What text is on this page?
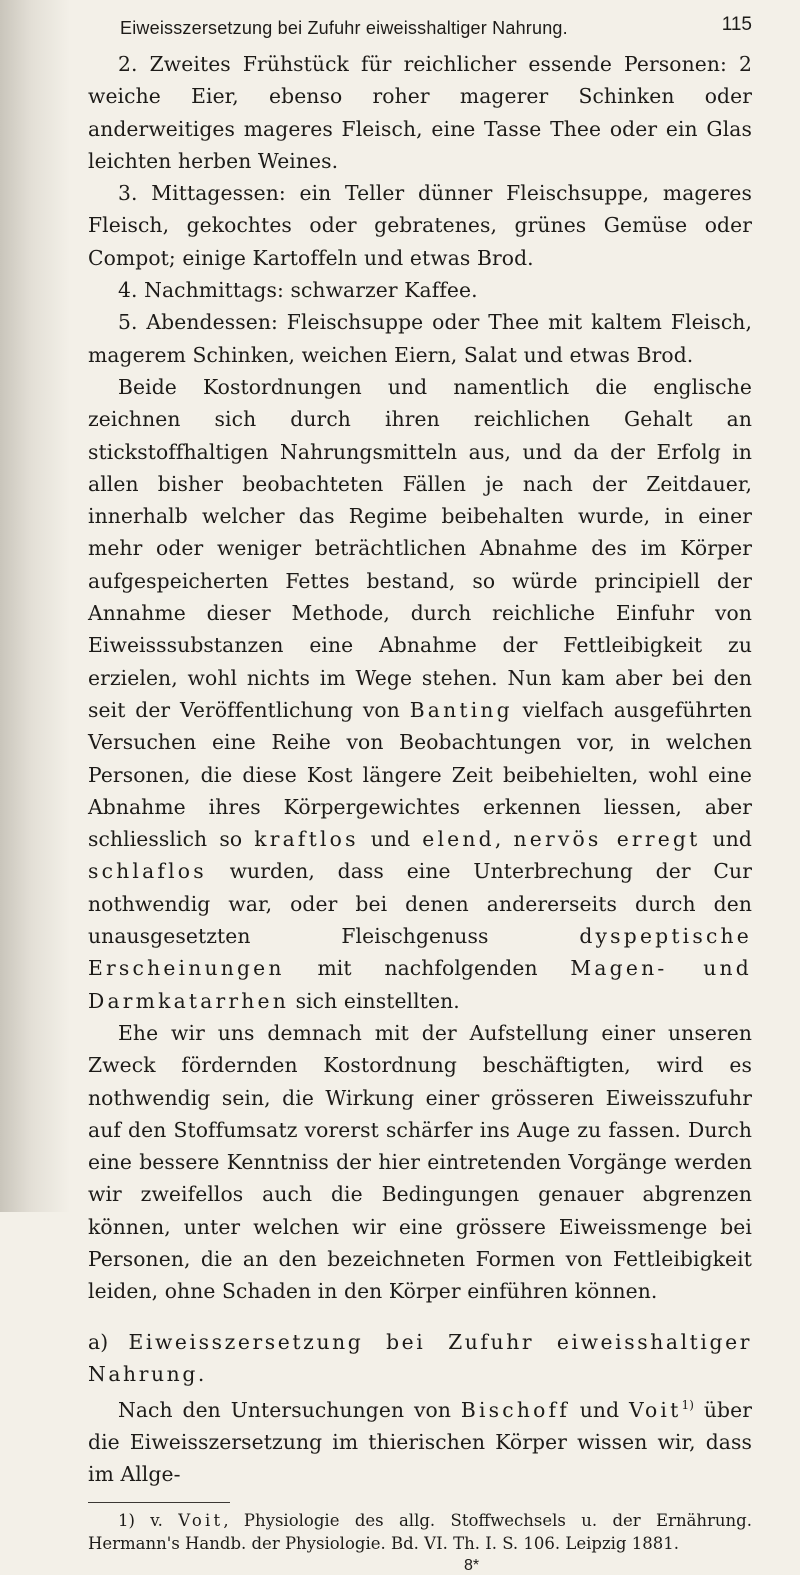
Eiweisszersetzung bei Zufuhr eiweisshaltiger Nahrung.	115

2. Zweites Frühstück für reichlicher essende Personen: 2 weiche Eier, ebenso roher magerer Schinken oder anderweitiges mageres Fleisch, eine Tasse Thee oder ein Glas leichten herben Weines.

3. Mittagessen: ein Teller dünner Fleischsuppe, mageres Fleisch, gekochtes oder gebratenes, grünes Gemüse oder Compot; einige Kartoffeln und etwas Brod.

4. Nachmittags: schwarzer Kaffee.

5. Abendessen: Fleischsuppe oder Thee mit kaltem Fleisch, magerem Schinken, weichen Eiern, Salat und etwas Brod.

Beide Kostordnungen und namentlich die englische zeichnen sich durch ihren reichlichen Gehalt an stickstoffhaltigen Nahrungsmitteln aus, und da der Erfolg in allen bisher beobachteten Fällen je nach der Zeitdauer, innerhalb welcher das Regime beibehalten wurde, in einer mehr oder weniger beträchtlichen Abnahme des im Körper aufgespeicherten Fettes bestand, so würde principiell der Annahme dieser Methode, durch reichliche Einfuhr von Eiweisssubstanzen eine Abnahme der Fettleibigkeit zu erzielen, wohl nichts im Wege stehen. Nun kam aber bei den seit der Veröffentlichung von Banting vielfach ausgeführten Versuchen eine Reihe von Beobachtungen vor, in welchen Personen, die diese Kost längere Zeit beibehielten, wohl eine Abnahme ihres Körpergewichtes erkennen liessen, aber schliesslich so kraftlos und elend, nervös erregt und schlaflos wurden, dass eine Unterbrechung der Cur nothwendig war, oder bei denen andererseits durch den unausgesetzten Fleischgenuss dyspeptische Erscheinungen mit nachfolgenden Magen- und Darmkatarrhen sich einstellten.

Ehe wir uns demnach mit der Aufstellung einer unseren Zweck fördernden Kostordnung beschäftigten, wird es nothwendig sein, die Wirkung einer grösseren Eiweisszufuhr auf den Stoffumsatz vorerst schärfer ins Auge zu fassen. Durch eine bessere Kenntniss der hier eintretenden Vorgänge werden wir zweifellos auch die Bedingungen genauer abgrenzen können, unter welchen wir eine grössere Eiweissmenge bei Personen, die an den bezeichneten Formen von Fettleibigkeit leiden, ohne Schaden in den Körper einführen können.

a) Eiweisszersetzung bei Zufuhr eiweisshaltiger Nahrung.

Nach den Untersuchungen von Bischoff und Voit$^{1)}$ über die Eiweisszersetzung im thierischen Körper wissen wir, dass im Allge-

1) v. Voit, Physiologie des allg. Stoffwechsels u. der Ernährung. Hermann's Handb. der Physiologie. Bd. VI. Th. I. S. 106. Leipzig 1881.

8*
